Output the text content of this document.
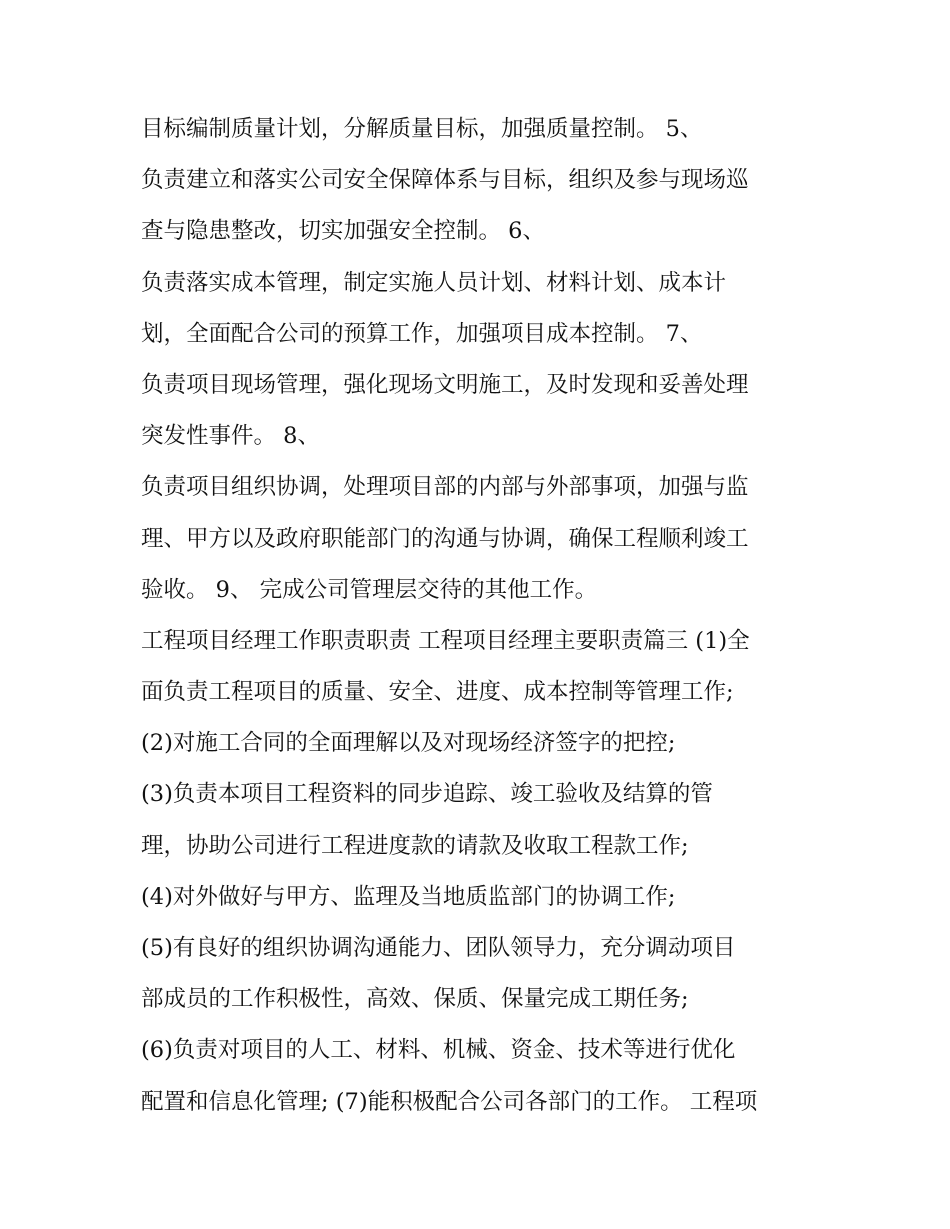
目标编制质量计划，分解质量目标，加强质量控制。 5、
负责建立和落实公司安全保障体系与目标，组织及参与现场巡
查与隐患整改，切实加强安全控制。 6、
负责落实成本管理，制定实施人员计划、材料计划、成本计
划，全面配合公司的预算工作，加强项目成本控制。 7、
负责项目现场管理，强化现场文明施工，及时发现和妥善处理
突发性事件。 8、
负责项目组织协调，处理项目部的内部与外部事项，加强与监
理、甲方以及政府职能部门的沟通与协调，确保工程顺利竣工
验收。 9、 完成公司管理层交待的其他工作。
工程项目经理工作职责职责 工程项目经理主要职责篇三 (1)全
面负责工程项目的质量、安全、进度、成本控制等管理工作;
(2)对施工合同的全面理解以及对现场经济签字的把控;
(3)负责本项目工程资料的同步追踪、竣工验收及结算的管
理，协助公司进行工程进度款的请款及收取工程款工作;
(4)对外做好与甲方、监理及当地质监部门的协调工作;
(5)有良好的组织协调沟通能力、团队领导力，充分调动项目
部成员的工作积极性，高效、保质、保量完成工期任务;
(6)负责对项目的人工、材料、机械、资金、技术等进行优化
配置和信息化管理; (7)能积极配合公司各部门的工作。 工程项
